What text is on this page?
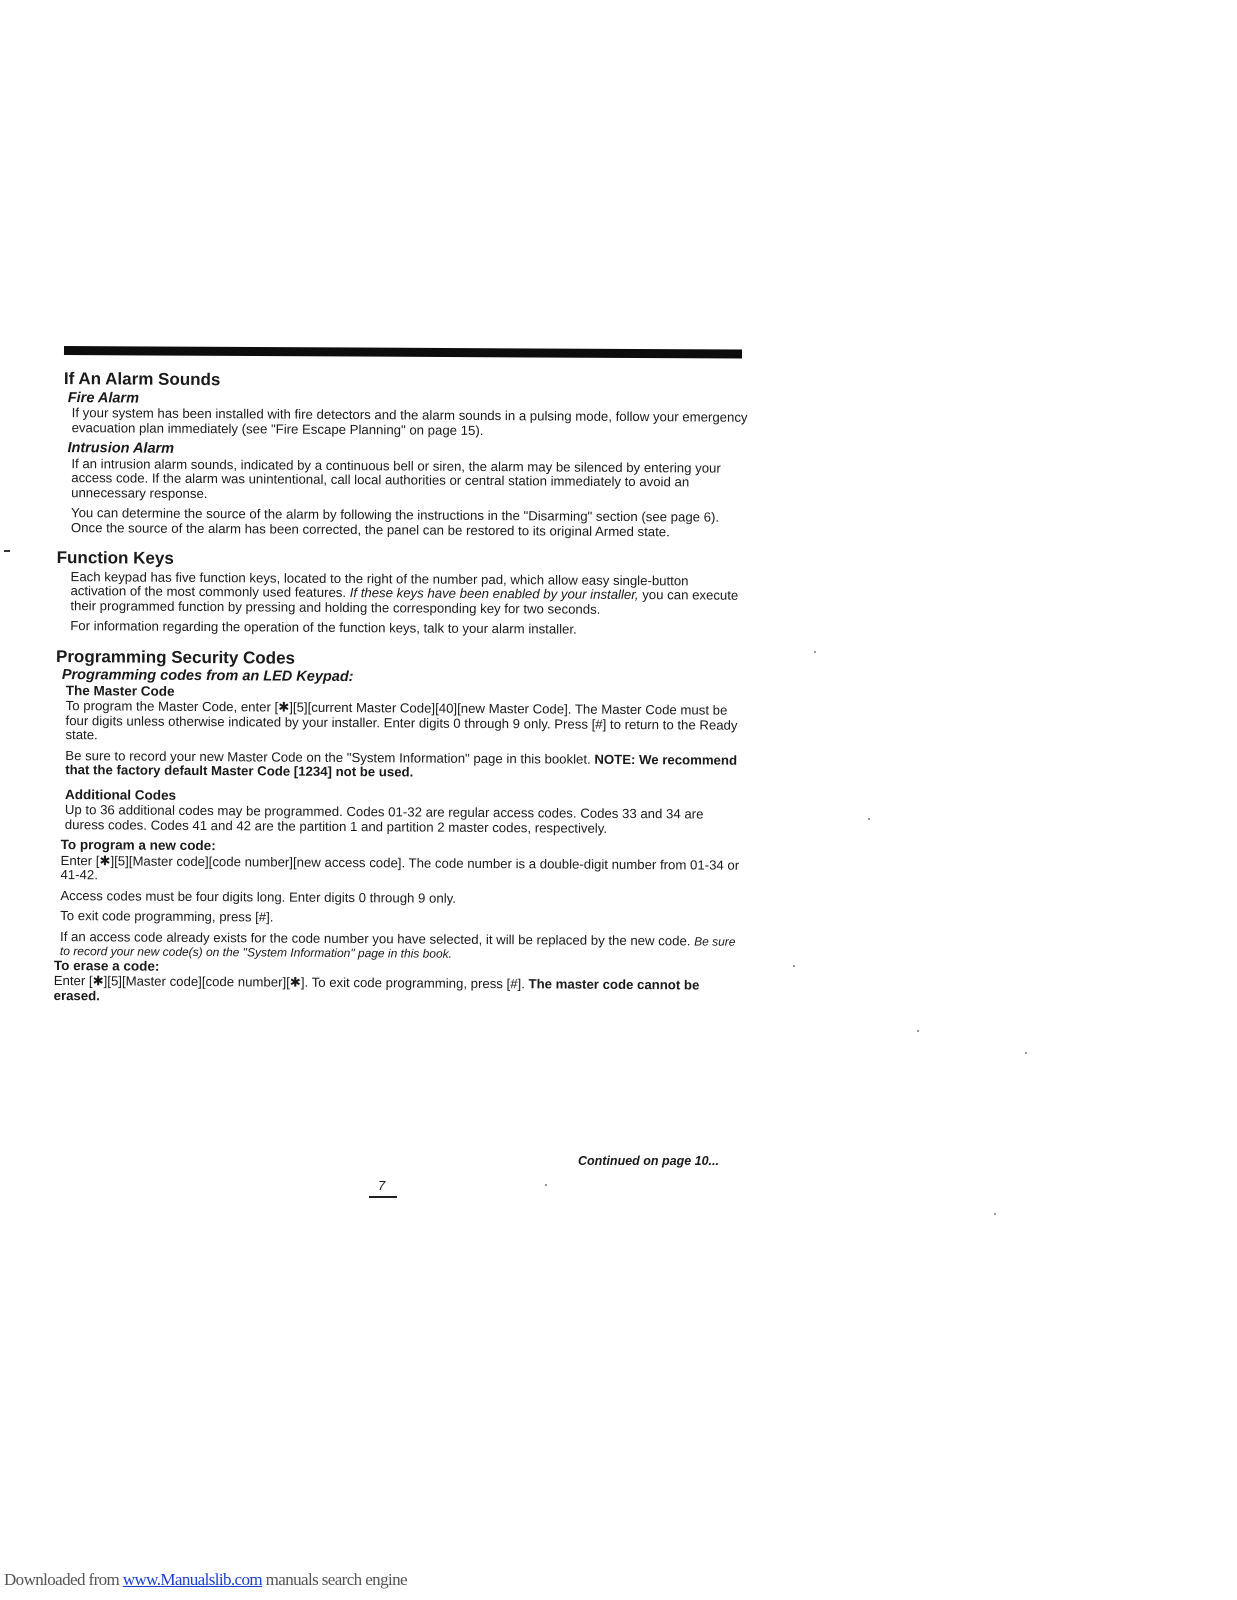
If An Alarm Sounds
Fire Alarm
If your system has been installed with fire detectors and the alarm sounds in a pulsing mode, follow your emergency evacuation plan immediately (see "Fire Escape Planning" on page 15).
Intrusion Alarm
If an intrusion alarm sounds, indicated by a continuous bell or siren, the alarm may be silenced by entering your access code. If the alarm was unintentional, call local authorities or central station immediately to avoid an unnecessary response.
You can determine the source of the alarm by following the instructions in the "Disarming" section (see page 6). Once the source of the alarm has been corrected, the panel can be restored to its original Armed state.
Function Keys
Each keypad has five function keys, located to the right of the number pad, which allow easy single-button activation of the most commonly used features. If these keys have been enabled by your installer, you can execute their programmed function by pressing and holding the corresponding key for two seconds.
For information regarding the operation of the function keys, talk to your alarm installer.
Programming Security Codes
Programming codes from an LED Keypad:
The Master Code
To program the Master Code, enter [✱][5][current Master Code][40][new Master Code]. The Master Code must be four digits unless otherwise indicated by your installer. Enter digits 0 through 9 only. Press [#] to return to the Ready state.
Be sure to record your new Master Code on the "System Information" page in this booklet. NOTE: We recommend that the factory default Master Code [1234] not be used.
Additional Codes
Up to 36 additional codes may be programmed. Codes 01-32 are regular access codes. Codes 33 and 34 are duress codes. Codes 41 and 42 are the partition 1 and partition 2 master codes, respectively.
To program a new code:
Enter [✱][5][Master code][code number][new access code]. The code number is a double-digit number from 01-34 or 41-42.
Access codes must be four digits long. Enter digits 0 through 9 only.
To exit code programming, press [#].
If an access code already exists for the code number you have selected, it will be replaced by the new code. Be sure to record your new code(s) on the "System Information" page in this book.
To erase a code:
Enter [✱][5][Master code][code number][✱]. To exit code programming, press [#]. The master code cannot be erased.
Continued on page 10...
7
Downloaded from www.Manualslib.com manuals search engine
